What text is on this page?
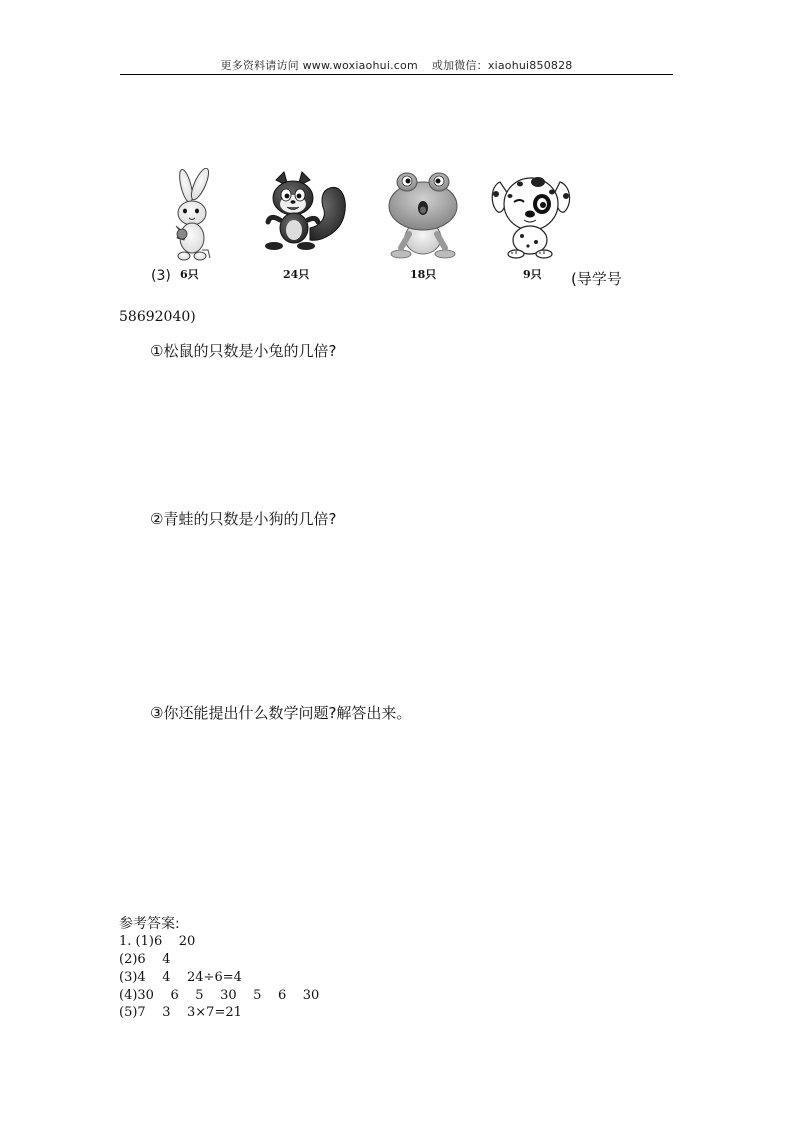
更多资料请访问 www.woxiaohui.com 或加微信：xiaohui850828
(3) 6只	24只	18只	9只 (导学号
58692040)
①松鼠的只数是小兔的几倍?
②青蛙的只数是小狗的几倍?
③你还能提出什么数学问题?解答出来。
参考答案:
1. (1)6    20
(2)6    4
(3)4    4    24÷6=4
(4)30    6    5    30    5    6    30
(5)7    3    3×7=21
